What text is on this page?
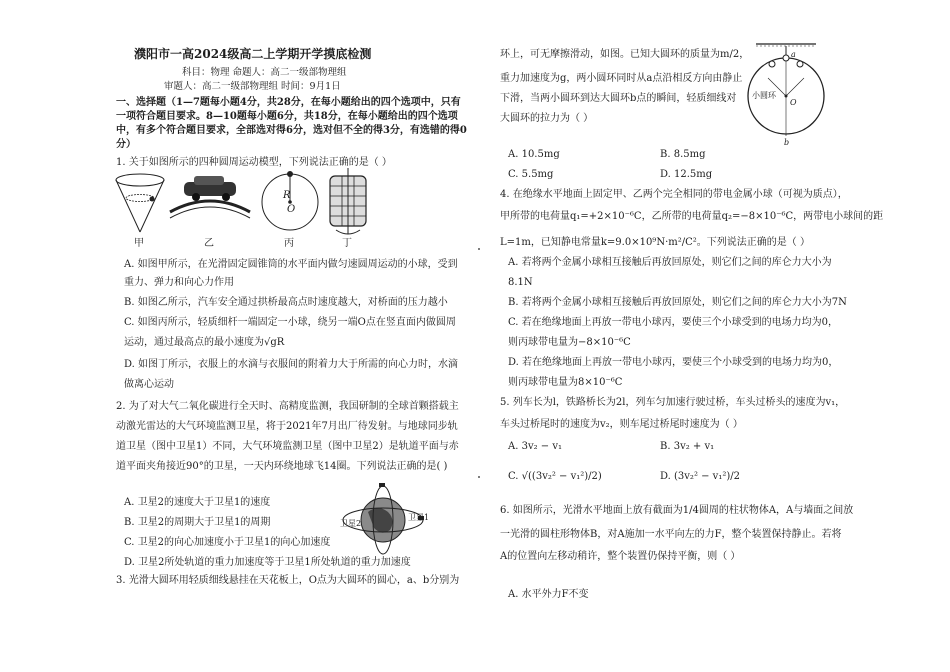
濮阳市一高2024级高二上学期开学摸底检测
科目：物理 命题人：高二一级部物理组
审题人：高二一级部物理组 时间：9月1日
一、选择题（1—7题每小题4分，共28分，在每小题给出的四个选项中，只有
一项符合题目要求。8—10题每小题6分，共18分，在每小题给出的四个选项
中，有多个符合题目要求，全部选对得6分，选对但不全的得3分，有选错的得0
分）
1. 关于如图所示的四种圆周运动模型，下列说法正确的是（ ）
R
O
甲	乙	丙	丁
A. 如图甲所示，在光滑固定圆锥筒的水平面内做匀速圆周运动的小球，受到
重力、弹力和向心力作用
B. 如图乙所示，汽车安全通过拱桥最高点时速度越大，对桥面的压力越小
C. 如图丙所示，轻质细杆一端固定一小球，绕另一端O点在竖直面内做圆周
运动，通过最高点的最小速度为√gR
D. 如图丁所示，衣服上的水滴与衣服间的附着力大于所需的向心力时，水滴
做离心运动
2. 为了对大气二氧化碳进行全天时、高精度监测，我国研制的全球首颗搭载主
动激光雷达的大气环境监测卫星，将于2021年7月出厂待发射。与地球同步轨
道卫星（图中卫星1）不同，大气环境监测卫星（图中卫星2）是轨道平面与赤
道平面夹角接近90°的卫星，一天内环绕地球飞14圈。下列说法正确的是( )
A. 卫星2的速度大于卫星1的速度
B. 卫星2的周期大于卫星1的周期
C. 卫星2的向心加速度小于卫星1的向心加速度
D. 卫星2所处轨道的重力加速度等于卫星1所处轨道的重力加速度
卫星2
卫星1
3. 光滑大圆环用轻质细线悬挂在天花板上，O点为大圆环的圆心，a、b分别为
环上，可无摩擦滑动，如图。已知大圆环的质量为m/2，
重力加速度为g，两小圆环同时从a点沿相反方向由静止
下滑，当两小圆环到达大圆环b点的瞬间，轻质细线对
大圆环的拉力为（ ）
小圆环
a
O
b
A. 10.5mg	B. 8.5mg
C. 5.5mg	D. 12.5mg
4. 在绝缘水平地面上固定甲、乙两个完全相同的带电金属小球（可视为质点），
甲所带的电荷量q₁=+2×10⁻⁶C，乙所带的电荷量q₂=−8×10⁻⁶C，两带电小球间的距
L=1m，已知静电常量k=9.0×10⁹N·m²/C²。下列说法正确的是（ ）
A. 若将两个金属小球相互接触后再放回原处，则它们之间的库仑力大小为
8.1N
B. 若将两个金属小球相互接触后再放回原处，则它们之间的库仑力大小为7N
C. 若在绝缘地面上再放一带电小球丙，要使三个小球受到的电场力均为0，
则丙球带电量为−8×10⁻⁶C
D. 若在绝缘地面上再放一带电小球丙，要使三个小球受到的电场力均为0，
则丙球带电量为8×10⁻⁶C
5. 列车长为l，铁路桥长为2l，列车匀加速行驶过桥，车头过桥头的速度为v₁，
车头过桥尾时的速度为v₂，则车尾过桥尾时速度为（ ）
A. 3v₂ − v₁	B. 3v₂ + v₁
C. √((3v₂² − v₁²)/2)	D. (3v₂² − v₁²)/2
6. 如图所示，光滑水平地面上放有截面为1/4圆周的柱状物体A，A与墙面之间放
一光滑的圆柱形物体B，对A施加一水平向左的力F，整个装置保持静止。若将
A的位置向左移动稍许，整个装置仍保持平衡，则（ ）
A. 水平外力F不变
